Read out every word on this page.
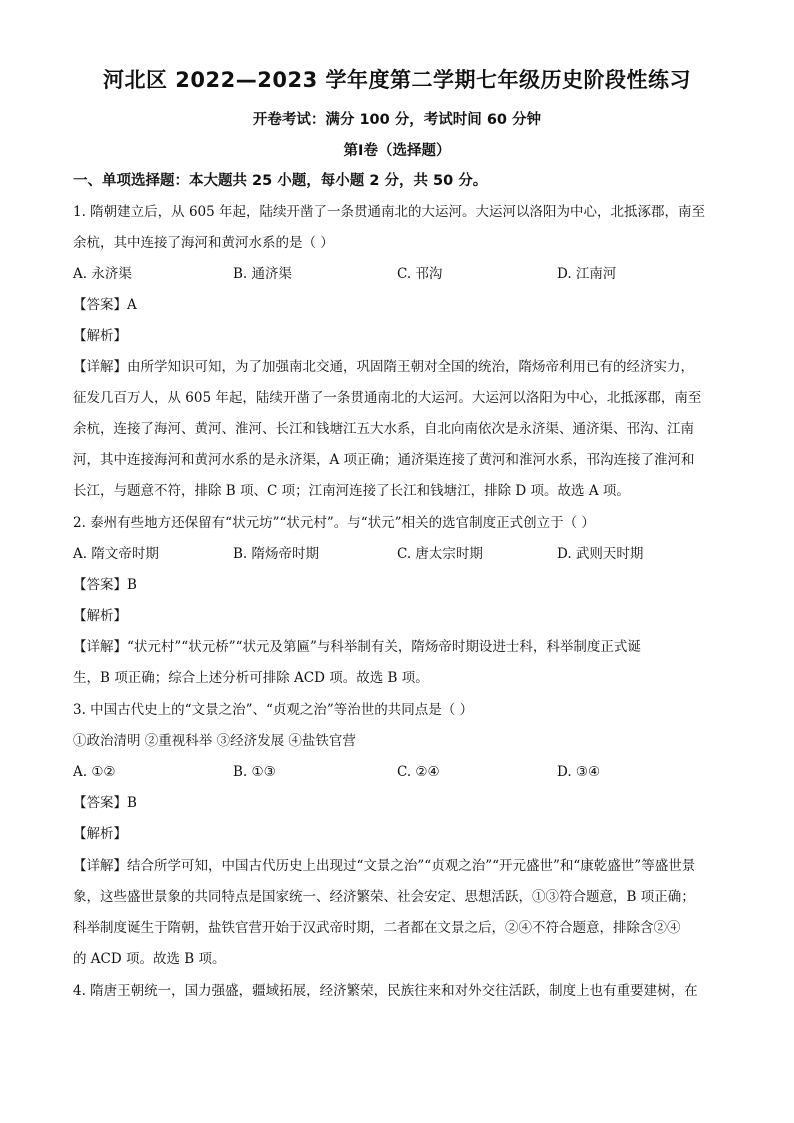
河北区 2022—2023 学年度第二学期七年级历史阶段性练习
开卷考试：满分 100 分，考试时间 60 分钟
第Ⅰ卷（选择题）
一、单项选择题：本大题共 25 小题，每小题 2 分，共 50 分。
1. 隋朝建立后，从 605 年起，陆续开凿了一条贯通南北的大运河。大运河以洛阳为中心，北抵涿郡，南至
余杭，其中连接了海河和黄河水系的是（ ）
A. 永济渠	B. 通济渠	C. 邗沟	D. 江南河
【答案】A
【解析】
【详解】由所学知识可知，为了加强南北交通，巩固隋王朝对全国的统治，隋炀帝利用已有的经济实力，
征发几百万人，从 605 年起，陆续开凿了一条贯通南北的大运河。大运河以洛阳为中心，北抵涿郡，南至
余杭，连接了海河、黄河、淮河、长江和钱塘江五大水系，自北向南依次是永济渠、通济渠、邗沟、江南
河，其中连接海河和黄河水系的是永济渠，A 项正确；通济渠连接了黄河和淮河水系，邗沟连接了淮河和
长江，与题意不符，排除 B 项、C 项；江南河连接了长江和钱塘江，排除 D 项。故选 A 项。
2. 泰州有些地方还保留有“状元坊”“状元村”。与“状元”相关的选官制度正式创立于（ ）
A. 隋文帝时期	B. 隋炀帝时期	C. 唐太宗时期	D. 武则天时期
【答案】B
【解析】
【详解】“状元村”“状元桥”“状元及第匾”与科举制有关，隋炀帝时期设进士科，科举制度正式诞
生，B 项正确；综合上述分析可排除 ACD 项。故选 B 项。
3. 中国古代史上的“文景之治”、“贞观之治”等治世的共同点是（ ）
①政治清明 ②重视科举 ③经济发展 ④盐铁官营
A. ①②	B. ①③	C. ②④	D. ③④
【答案】B
【解析】
【详解】结合所学可知，中国古代历史上出现过“文景之治”“贞观之治”“开元盛世”和“康乾盛世”等盛世景
象，这些盛世景象的共同特点是国家统一、经济繁荣、社会安定、思想活跃，①③符合题意，B 项正确；
科举制度诞生于隋朝，盐铁官营开始于汉武帝时期，二者都在文景之后，②④不符合题意，排除含②④
的 ACD 项。故选 B 项。
4. 隋唐王朝统一，国力强盛，疆域拓展，经济繁荣，民族往来和对外交往活跃，制度上也有重要建树，在
